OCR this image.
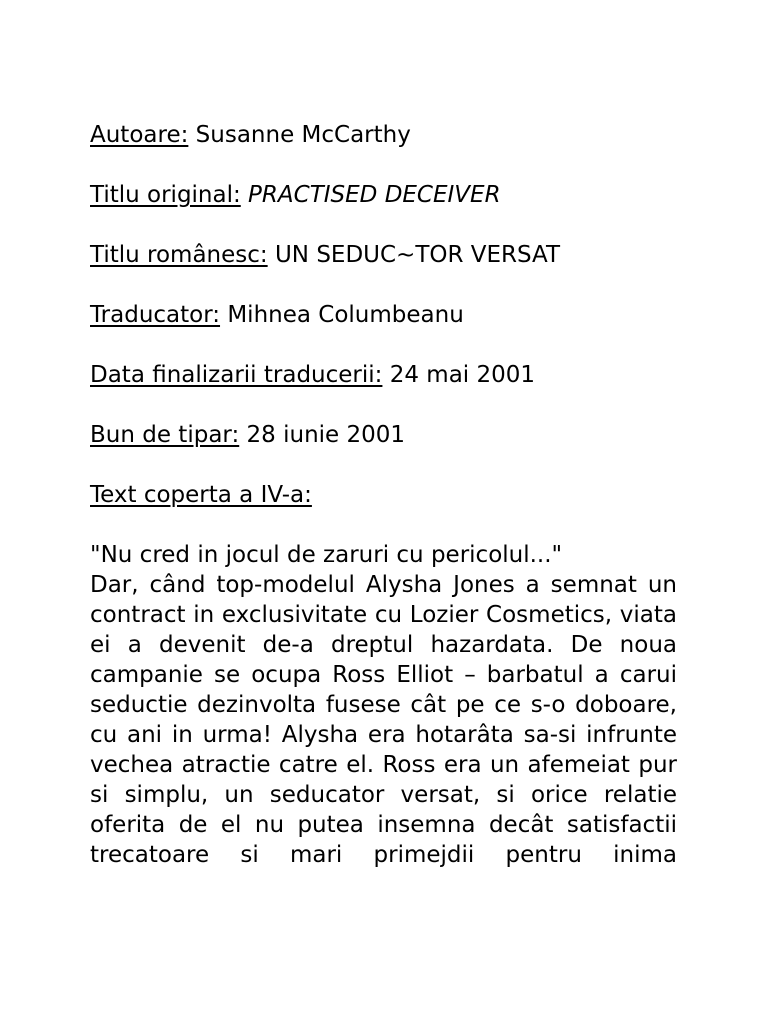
Autoare: Susanne McCarthy

Titlu original: PRACTISED DECEIVER

Titlu românesc: UN SEDUC~TOR VERSAT

Traducator: Mihnea Columbeanu

Data finalizarii traducerii: 24 mai 2001

Bun de tipar: 28 iunie 2001

Text coperta a IV-a:

"Nu cred in jocul de zaruri cu pericolul..."

Dar, când top-modelul Alysha Jones a semnat un contract in exclusivitate cu Lozier Cosmetics, viata ei a devenit de-a dreptul hazardata. De noua campanie se ocupa Ross Elliot – barbatul a carui seductie dezinvolta fusese cât pe ce s-o doboare, cu ani in urma! Alysha era hotarâta sa-si infrunte vechea atractie catre el. Ross era un afemeiat pur si simplu, un seducator versat, si orice relatie oferita de el nu putea insemna decât satisfactii trecatoare si mari primejdii pentru inima
